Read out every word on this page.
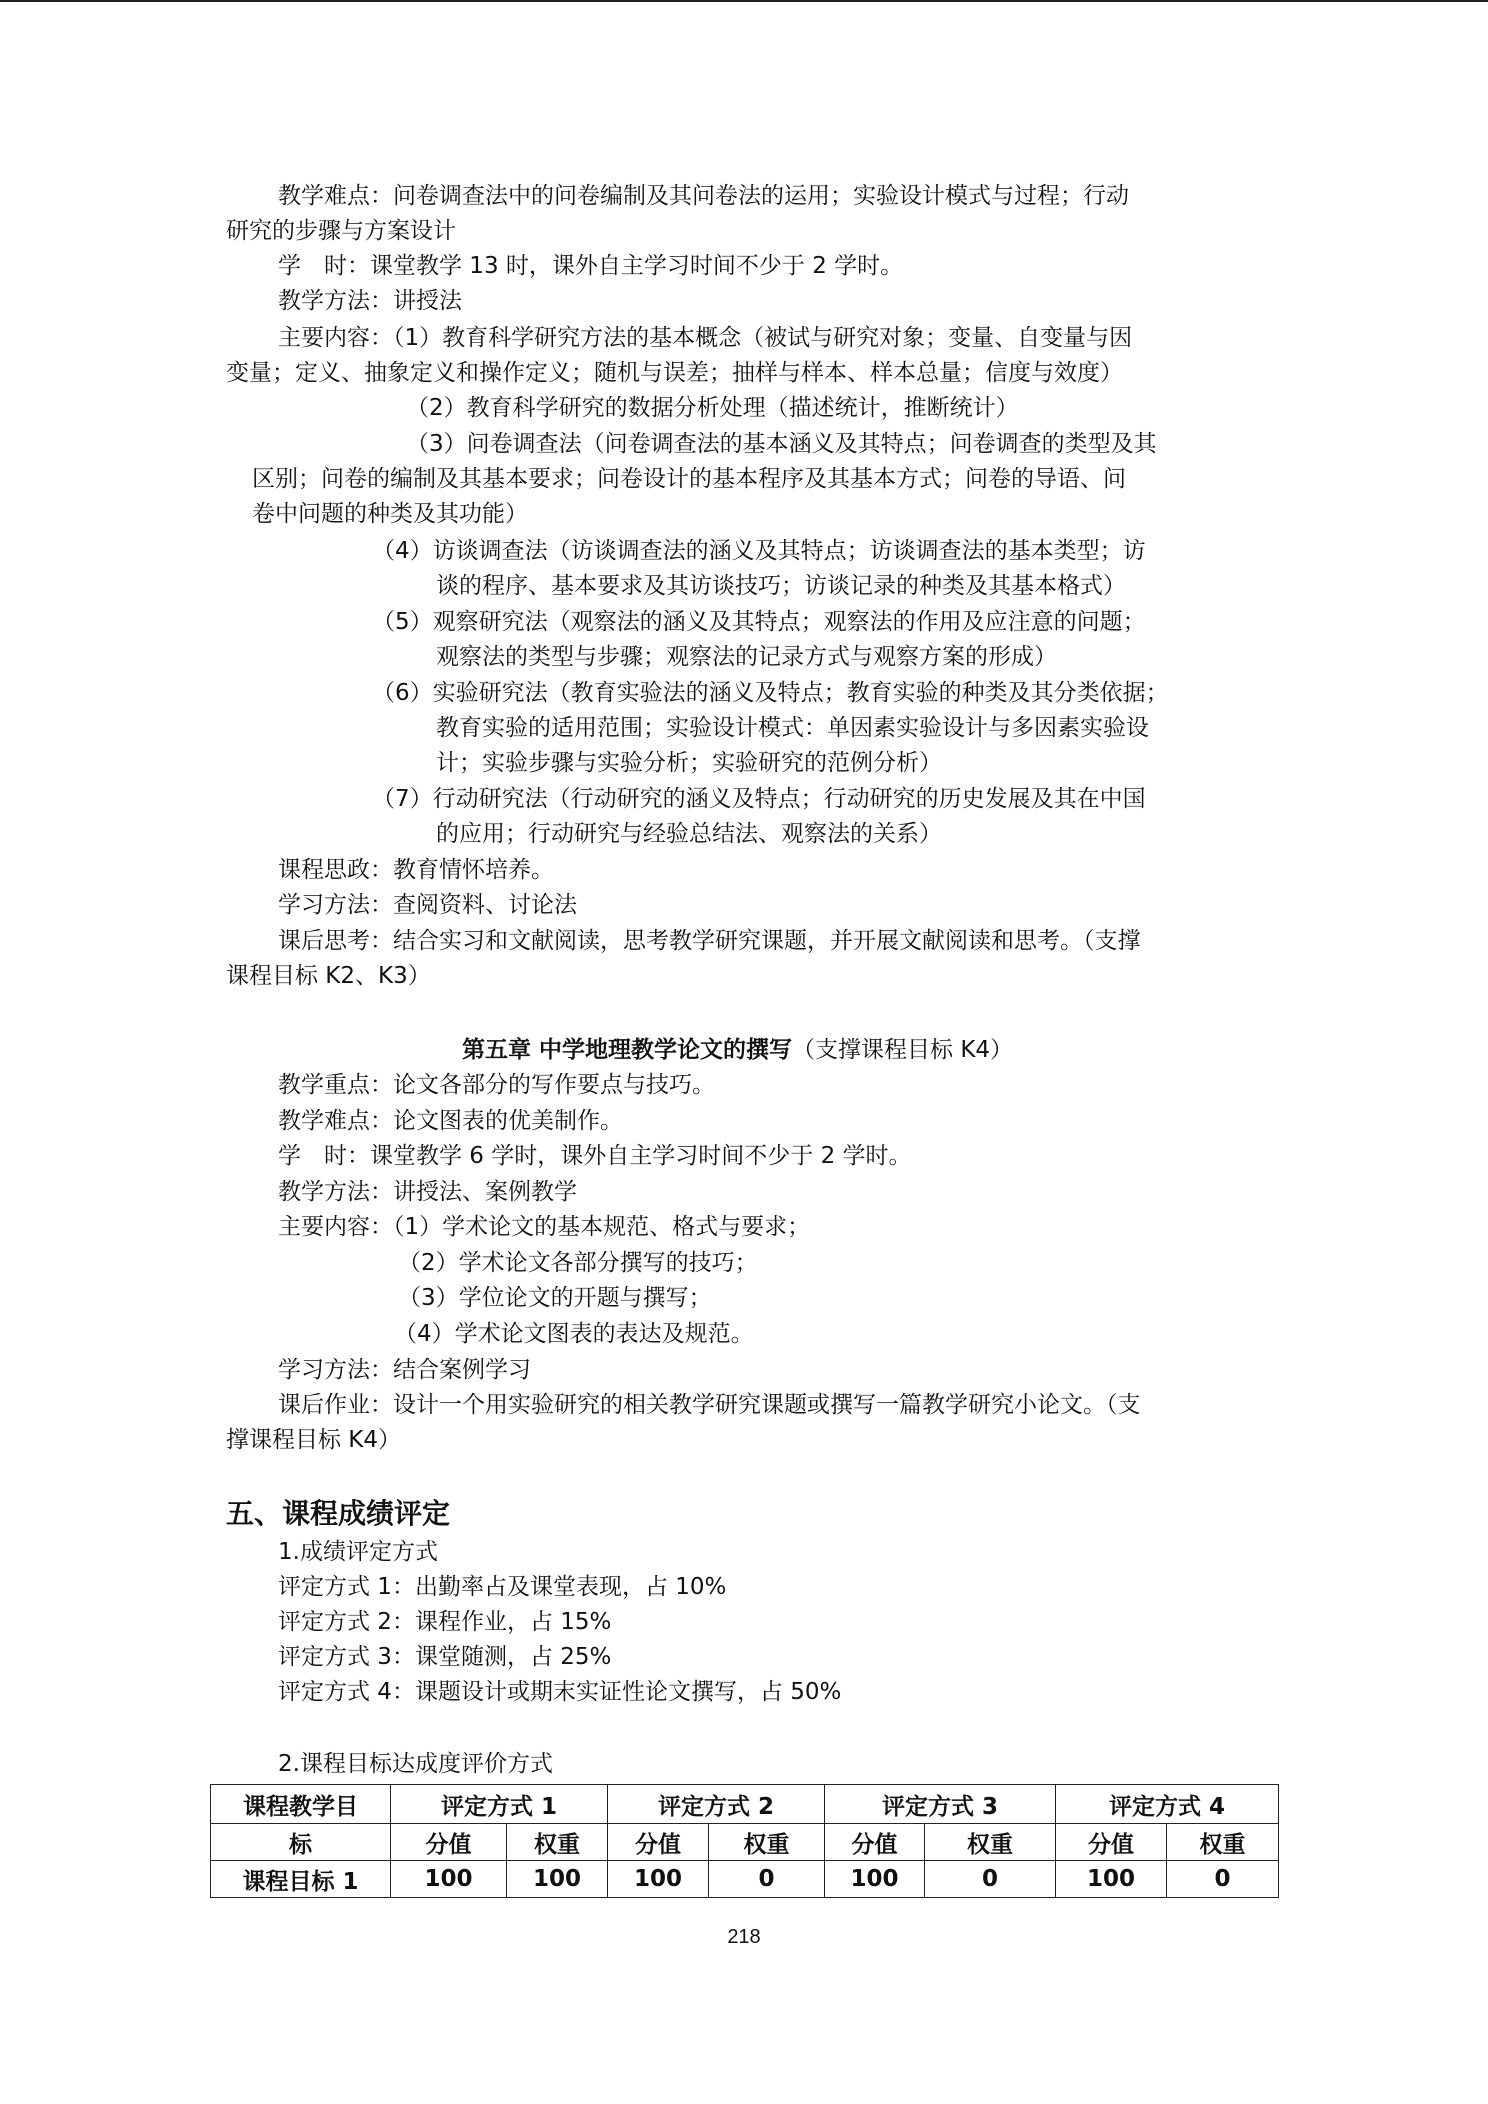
教学难点：问卷调查法中的问卷编制及其问卷法的运用；实验设计模式与过程；行动

研究的步骤与方案设计

学　时：课堂教学 13 时，课外自主学习时间不少于 2 学时。

教学方法：讲授法

主要内容：（1）教育科学研究方法的基本概念（被试与研究对象；变量、自变量与因

变量；定义、抽象定义和操作定义；随机与误差；抽样与样本、样本总量；信度与效度）

（2）教育科学研究的数据分析处理（描述统计，推断统计）

（3）问卷调查法（问卷调查法的基本涵义及其特点；问卷调查的类型及其

区别；问卷的编制及其基本要求；问卷设计的基本程序及其基本方式；问卷的导语、问

卷中问题的种类及其功能）

（4）访谈调查法（访谈调查法的涵义及其特点；访谈调查法的基本类型；访

谈的程序、基本要求及其访谈技巧；访谈记录的种类及其基本格式）

（5）观察研究法（观察法的涵义及其特点；观察法的作用及应注意的问题；

观察法的类型与步骤；观察法的记录方式与观察方案的形成）

（6）实验研究法（教育实验法的涵义及特点；教育实验的种类及其分类依据；

教育实验的适用范围；实验设计模式：单因素实验设计与多因素实验设

计；实验步骤与实验分析；实验研究的范例分析）

（7）行动研究法（行动研究的涵义及特点；行动研究的历史发展及其在中国

的应用；行动研究与经验总结法、观察法的关系）

课程思政：教育情怀培养。

学习方法：查阅资料、讨论法

课后思考：结合实习和文献阅读，思考教学研究课题，并开展文献阅读和思考。（支撑

课程目标 K2、K3）

第五章 中学地理教学论文的撰写（支撑课程目标 K4）

教学重点：论文各部分的写作要点与技巧。

教学难点：论文图表的优美制作。

学　时：课堂教学 6 学时，课外自主学习时间不少于 2 学时。

教学方法：讲授法、案例教学

主要内容：（1）学术论文的基本规范、格式与要求；

（2）学术论文各部分撰写的技巧；

（3）学位论文的开题与撰写；

（4）学术论文图表的表达及规范。

学习方法：结合案例学习

课后作业：设计一个用实验研究的相关教学研究课题或撰写一篇教学研究小论文。（支

撑课程目标 K4）

五、课程成绩评定

1.成绩评定方式

评定方式 1：出勤率占及课堂表现，占 10%

评定方式 2：课程作业，占 15%

评定方式 3：课堂随测，占 25%

评定方式 4：课题设计或期末实证性论文撰写，占 50%

2.课程目标达成度评价方式

课程教学目	评定方式 1		评定方式 2		评定方式 3		评定方式 4	
标	分值	权重	分值	权重	分值	权重	分值	权重
课程目标 1	100	100	100	0	100	0	100	0
218
